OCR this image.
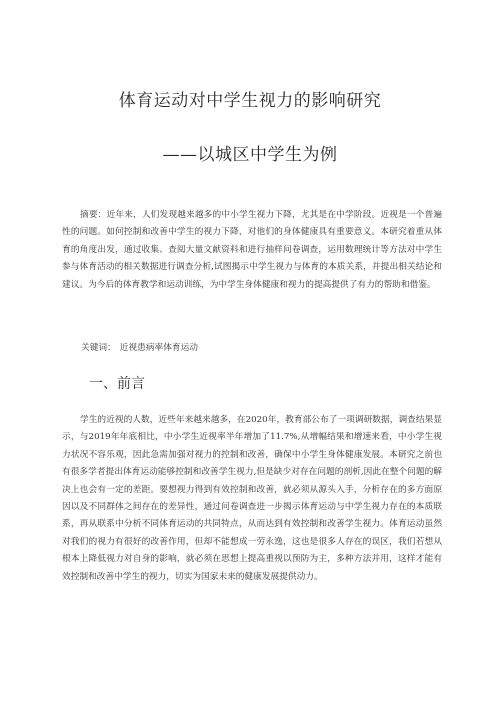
体育运动对中学生视力的影响研究
——以城区中学生为例

摘要：近年来，人们发现越来越多的中小学生视力下降，尤其是在中学阶段。近视是一个普遍性的问题。如何控制和改善中学生的视力下降，对他们的身体健康具有重要意义。本研究着重从体育的角度出发，通过收集、查阅大量文献资料和进行抽样问卷调查，运用数理统计等方法对中学生参与体育活动的相关数据进行调查分析,试图揭示中学生视力与体育的本质关系，并提出相关结论和建议。为今后的体育教学和运动训练，为中学生身体健康和视力的提高提供了有力的帮助和借鉴。

关键词： 近视患病率体育运动

一、前言

学生的近视的人数，近些年来越来越多，在2020年，教育部公布了一项调研数据，调查结果显示，与2019年年底相比，中小学生近视率半年增加了11.7%,从增幅结果和增速来看，中小学生视力状况不容乐观，因此急需加强对视力的控制和改善，确保中小学生身体健康发展。本研究之前也有很多学者提出体育运动能够控制和改善学生视力,但是缺少对存在问题的剖析,因此在整个问题的解决上也会有一定的差距。要想视力得到有效控制和改善，就必须从源头入手，分析存在的多方面原因以及不同群体之间存在的差异性，通过问卷调查进一步揭示体育运动与中学生视力存在的本质联系，再从联系中分析不同体育运动的共同特点，从而达到有效控制和改善学生视力。体育运动虽然对我们的视力有很好的改善作用，但却不能想成一劳永逸，这也是很多人存在的误区，我们若想从根本上降低视力对自身的影响，就必须在思想上提高重视以预防为主，多种方法并用，这样才能有效控制和改善中学生的视力，切实为国家未来的健康发展提供动力。
